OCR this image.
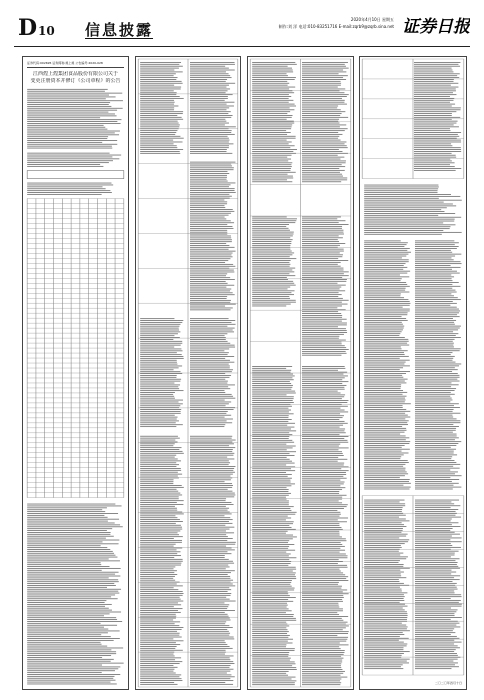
D 10 信息披露
2020年4月10日 星期五
制作:刘 洋 电话:010-83251716 E-mail:zqrb9@zqrb.sina.net 证券日报
证券代码:002695 证券简称:煌上煌 公告编号:2020-028
江西煌上煌集团食品股份有限公司关于
变更注册资本并修订《公司章程》的公告
二〇二〇年四月十日
